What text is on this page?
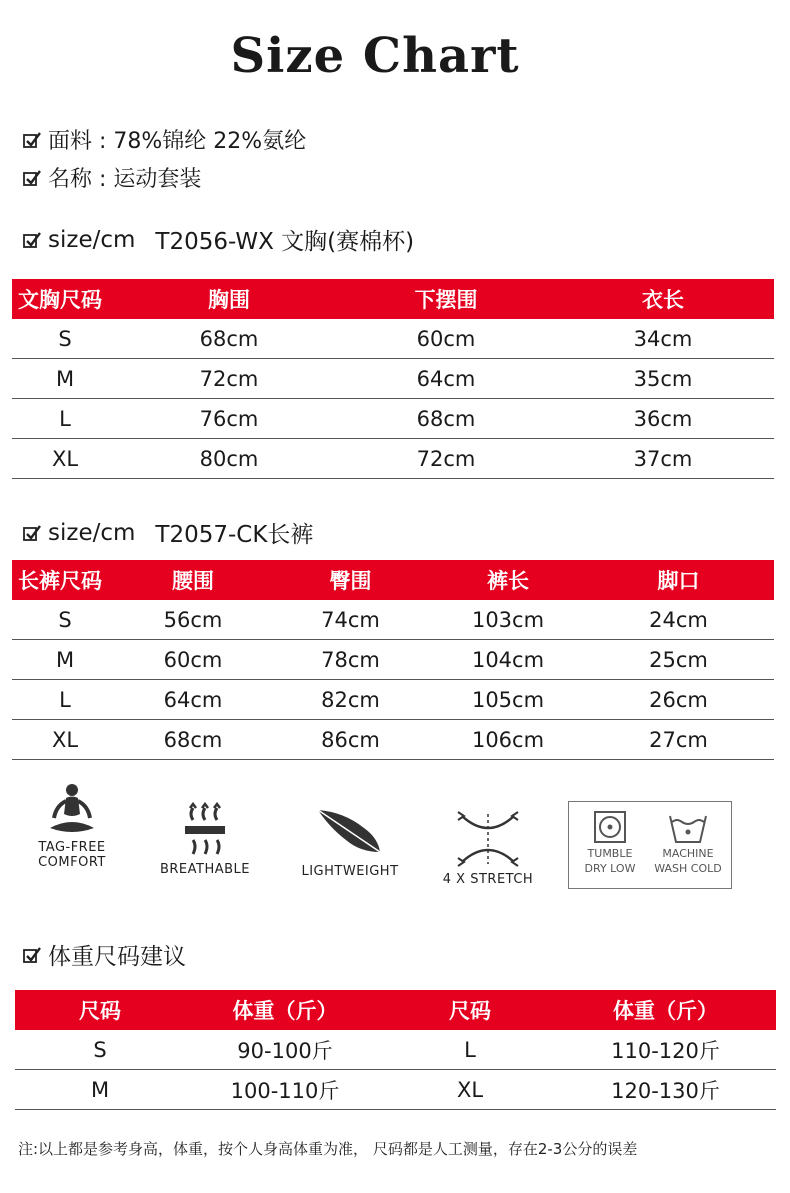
Size Chart
面料 : 78%锦纶 22%氨纶
名称 : 运动套装
size/cm T2056-WX 文胸(赛棉杯)
文胸尺码	胸围	下摆围	衣长
S	68cm	60cm	34cm
M	72cm	64cm	35cm
L	76cm	68cm	36cm
XL	80cm	72cm	37cm
size/cm T2057-CK长裤
长裤尺码	腰围	臀围	裤长	脚口
S	56cm	74cm	103cm	24cm
M	60cm	78cm	104cm	25cm
L	64cm	82cm	105cm	26cm
XL	68cm	86cm	106cm	27cm
TAG-FREE
COMFORT	BREATHABLE	LIGHTWEIGHT
4 X STRETCH
TUMBLE
DRY LOW
MACHINE
WASH COLD
体重尺码建议
尺码	体重（斤）	尺码	体重（斤）
S	90-100斤	L	110-120斤
M	100-110斤	XL	120-130斤
注:以上都是参考身高，体重，按个人身高体重为准， 尺码都是人工测量，存在2-3公分的误差
